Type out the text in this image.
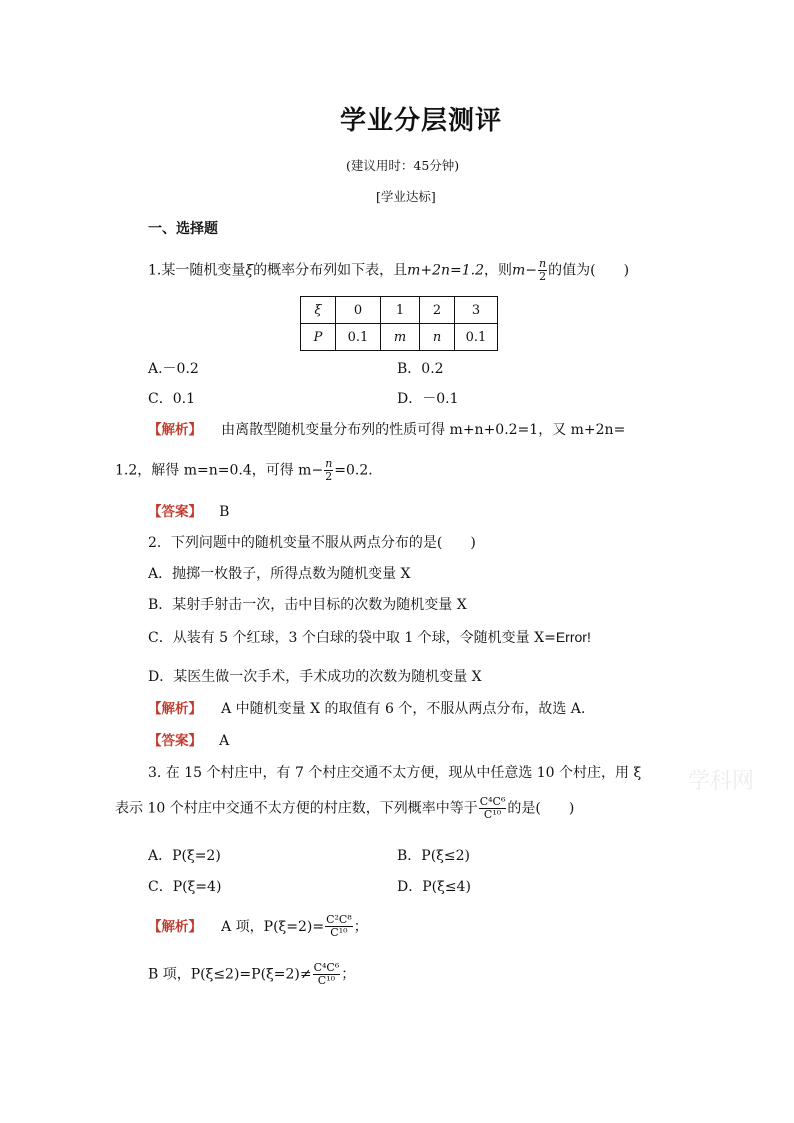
学业分层测评
(建议用时：45分钟)
[学业达标]
一、选择题
1.某一随机变量ξ的概率分布列如下表，且m+2n=1.2，则$m- \frac{n}{2}$ 的值为(　　)
ξ	0	1	2	3
P	0.1	m	n	0.1
A.－0.2	B．0.2
C．0.1	D．－0.1
【解析】 由离散型随机变量分布列的性质可得 m+n+0.2=1，又 m+2n=
1.2，解得 m=n=0.4，可得 $m- \frac{n}{2} =0.2$.
【答案】 B
2．下列问题中的随机变量不服从两点分布的是(　　)
A．抛掷一枚骰子，所得点数为随机变量 X
B．某射手射击一次，击中目标的次数为随机变量 X
C．从装有 5 个红球，3 个白球的袋中取 1 个球，令随机变量 X=Error!
D．某医生做一次手术，手术成功的次数为随机变量 X
【解析】 A 中随机变量 X 的取值有 6 个，不服从两点分布，故选 A.
【答案】 A
学科网
3. 在 15 个村庄中，有 7 个村庄交通不太方便，现从中任意选 10 个村庄，用 ξ
表示 10 个村庄中交通不太方便的村庄数，下列概率中等于 $\frac{\text{C⁴C⁶}}{\text{C¹⁰}}$ 的是(　　)
A．P(ξ=2)	B．P(ξ≤2)
C．P(ξ=4)	D．P(ξ≤4)
【解析】 A 项，$P(\xi=2)= \frac{\text{C²C⁸}}{\text{C¹⁰}}$ ；
B 项，$P(\xi\le 2)=P(\xi=2)\ne \frac{\text{C⁴C⁶}}{\text{C¹⁰}}$ ；
